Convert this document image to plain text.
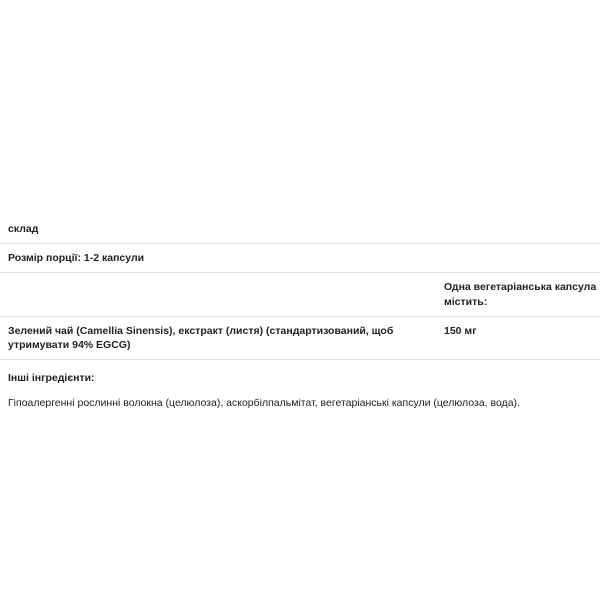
склад	
Розмір порції: 1-2 капсули	
	Одна вегетаріанська капсула містить:
Зелений чай (Camellia Sinensis), екстракт (листя) (стандартизований, щоб утримувати 94% EGCG)	150 мг
Інші інгредієнти:
Гіпоалергенні рослинні волокна (целюлоза), аскорбілпальмітат, вегетаріанські капсули (целюлоза, вода).
